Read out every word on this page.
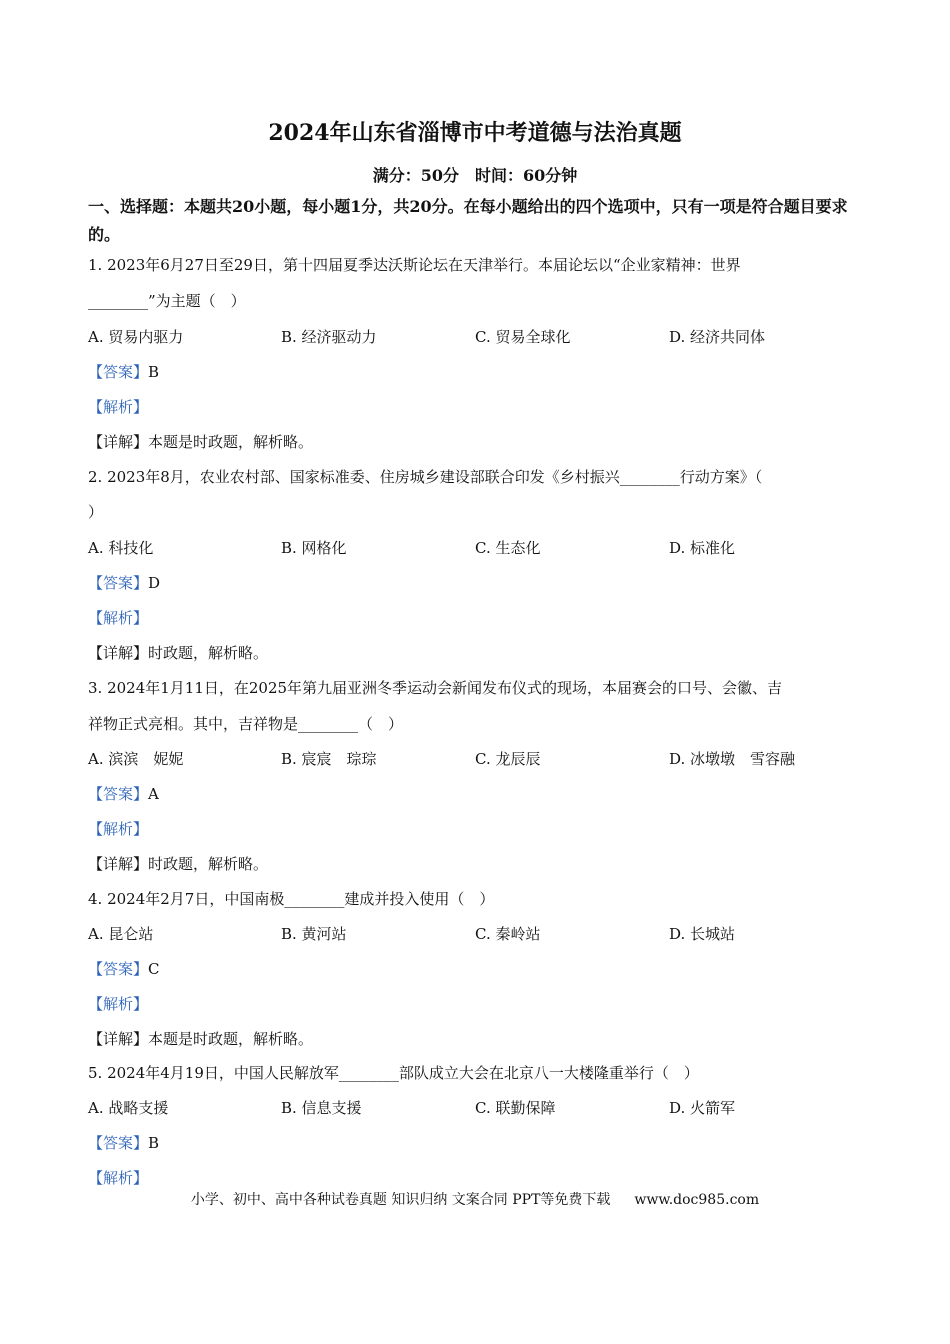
2024年山东省淄博市中考道德与法治真题
满分：50分　时间：60分钟
一、选择题：本题共20小题，每小题1分，共20分。在每小题给出的四个选项中，只有一项是符合题目要求的。
1. 2023年6月27日至29日，第十四届夏季达沃斯论坛在天津举行。本届论坛以“企业家精神：世界
________”为主题（　）
A. 贸易内驱力	B. 经济驱动力	C. 贸易全球化	D. 经济共同体
【答案】B
【解析】
【详解】本题是时政题，解析略。
2. 2023年8月，农业农村部、国家标准委、住房城乡建设部联合印发《乡村振兴________行动方案》（
）
A. 科技化	B. 网格化	C. 生态化	D. 标准化
【答案】D
【解析】
【详解】时政题，解析略。
3. 2024年1月11日，在2025年第九届亚洲冬季运动会新闻发布仪式的现场，本届赛会的口号、会徽、吉
祥物正式亮相。其中，吉祥物是________（　）
A. 滨滨　妮妮	B. 宸宸　琮琮	C. 龙辰辰	D. 冰墩墩　雪容融
【答案】A
【解析】
【详解】时政题，解析略。
4. 2024年2月7日，中国南极________建成并投入使用（　）
A. 昆仑站	B. 黄河站	C. 秦岭站	D. 长城站
【答案】C
【解析】
【详解】本题是时政题，解析略。
5. 2024年4月19日，中国人民解放军________部队成立大会在北京八一大楼隆重举行（　）
A. 战略支援	B. 信息支援	C. 联勤保障	D. 火箭军
【答案】B
【解析】
小学、初中、高中各种试卷真题 知识归纳 文案合同 PPT等免费下载 www.doc985.com
